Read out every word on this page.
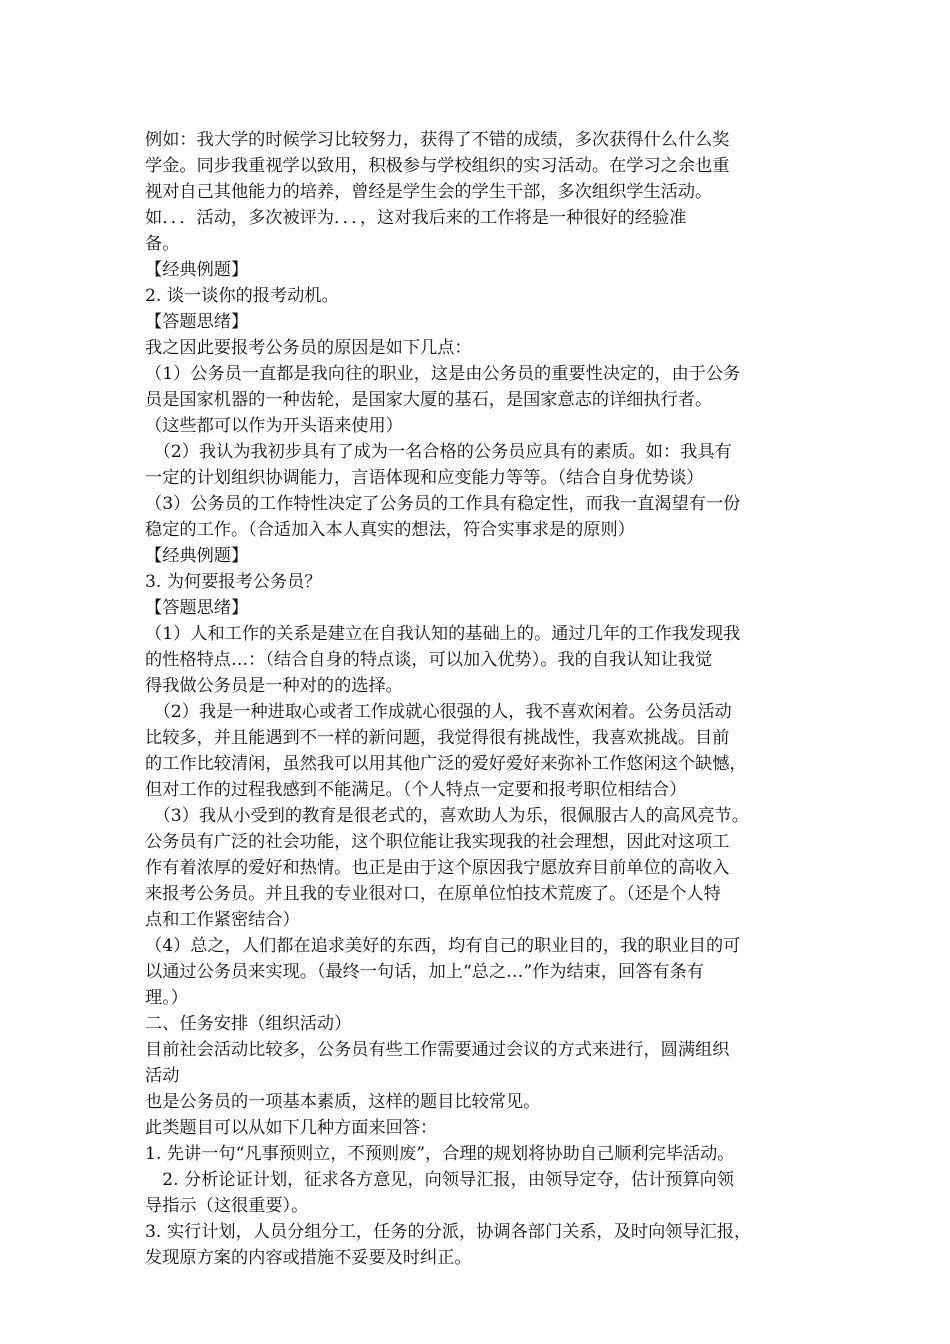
例如：我大学的时候学习比较努力，获得了不错的成绩，多次获得什么什么奖
学金。同步我重视学以致用，积极参与学校组织的实习活动。在学习之余也重
视对自己其他能力的培养，曾经是学生会的学生干部，多次组织学生活动。
如．．．活动，多次被评为．．．，这对我后来的工作将是一种很好的经验准
备。
【经典例题】
2. 谈一谈你的报考动机。
【答题思绪】
我之因此要报考公务员的原因是如下几点：
（1）公务员一直都是我向往的职业，这是由公务员的重要性决定的，由于公务
员是国家机器的一种齿轮，是国家大厦的基石，是国家意志的详细执行者。
（这些都可以作为开头语来使用）
　（2）我认为我初步具有了成为一名合格的公务员应具有的素质。如：我具有
一定的计划组织协调能力，言语体现和应变能力等等。（结合自身优势谈）
（3）公务员的工作特性决定了公务员的工作具有稳定性，而我一直渴望有一份
稳定的工作。（合适加入本人真实的想法，符合实事求是的原则）
【经典例题】
3. 为何要报考公务员？
【答题思绪】
（1）人和工作的关系是建立在自我认知的基础上的。通过几年的工作我发现我
的性格特点…：（结合自身的特点谈，可以加入优势）。我的自我认知让我觉
得我做公务员是一种对的的选择。
　（2）我是一种进取心或者工作成就心很强的人，我不喜欢闲着。公务员活动
比较多，并且能遇到不一样的新问题，我觉得很有挑战性，我喜欢挑战。目前
的工作比较清闲，虽然我可以用其他广泛的爱好爱好来弥补工作悠闲这个缺憾，
但对工作的过程我感到不能满足。（个人特点一定要和报考职位相结合）
　（3）我从小受到的教育是很老式的，喜欢助人为乐，很佩服古人的高风亮节。
公务员有广泛的社会功能，这个职位能让我实现我的社会理想，因此对这项工
作有着浓厚的爱好和热情。也正是由于这个原因我宁愿放弃目前单位的高收入
来报考公务员。并且我的专业很对口，在原单位怕技术荒废了。（还是个人特
点和工作紧密结合）
（4）总之，人们都在追求美好的东西，均有自己的职业目的，我的职业目的可
以通过公务员来实现。（最终一句话，加上“总之…”作为结束，回答有条有
理。）
二、任务安排（组织活动）
目前社会活动比较多，公务员有些工作需要通过会议的方式来进行，圆满组织
活动
也是公务员的一项基本素质，这样的题目比较常见。
此类题目可以从如下几种方面来回答：
1. 先讲一句“凡事预则立，不预则废”，合理的规划将协助自己顺利完毕活动。
　2. 分析论证计划，征求各方意见，向领导汇报，由领导定夺，估计预算向领
导指示（这很重要）。
3. 实行计划，人员分组分工，任务的分派，协调各部门关系，及时向领导汇报，
发现原方案的内容或措施不妥要及时纠正。
